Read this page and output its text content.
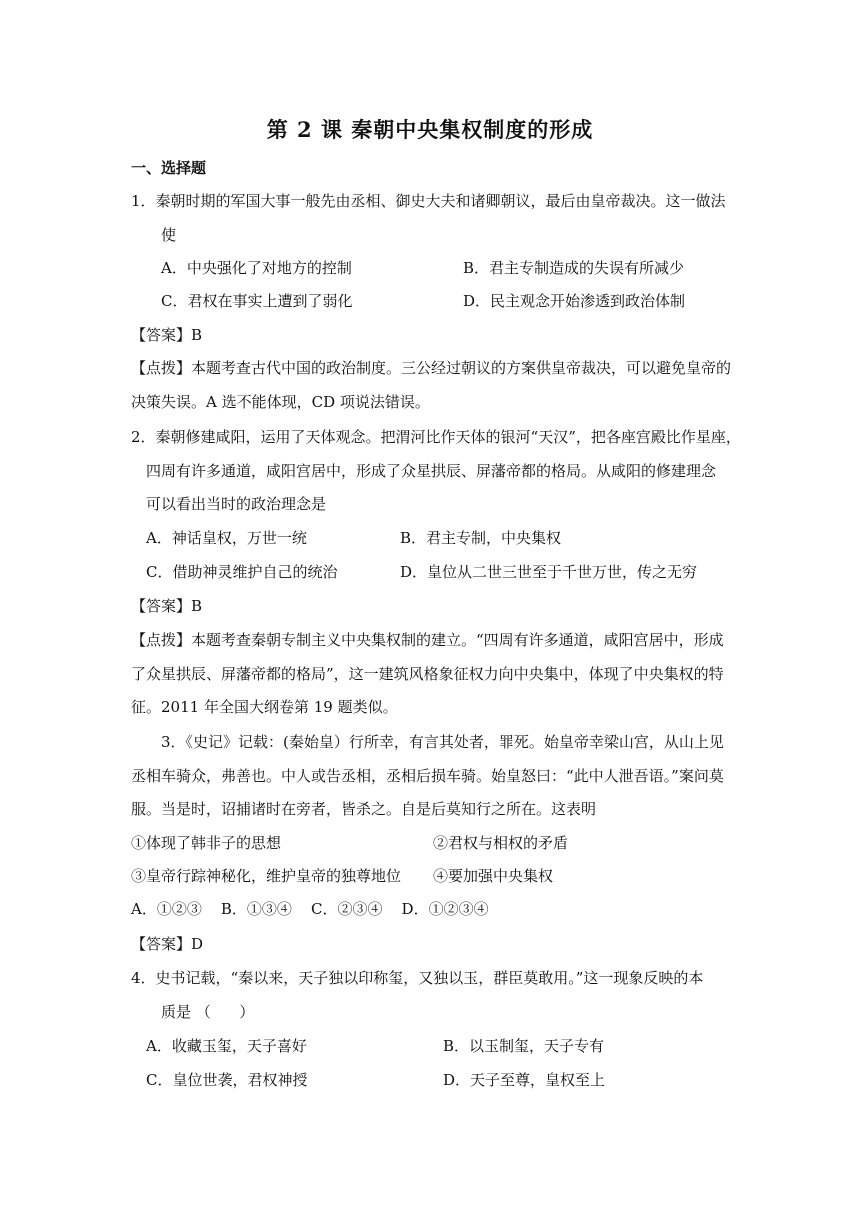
第 2 课 秦朝中央集权制度的形成
一、选择题
1．秦朝时期的军国大事一般先由丞相、御史大夫和诸卿朝议，最后由皇帝裁决。这一做法
使
A．中央强化了对地方的控制	B．君主专制造成的失误有所减少
C．君权在事实上遭到了弱化	D．民主观念开始渗透到政治体制
【答案】B
【点拨】本题考查古代中国的政治制度。三公经过朝议的方案供皇帝裁决，可以避免皇帝的
决策失误。A 选不能体现，CD 项说法错误。
2．秦朝修建咸阳，运用了天体观念。把渭河比作天体的银河“天汉”，把各座宫殿比作星座，
四周有许多通道，咸阳宫居中，形成了众星拱辰、屏藩帝都的格局。从咸阳的修建理念
可以看出当时的政治理念是
A．神话皇权，万世一统	B．君主专制，中央集权
C．借助神灵维护自己的统治	D．皇位从二世三世至于千世万世，传之无穷
【答案】B
【点拨】本题考查秦朝专制主义中央集权制的建立。“四周有许多通道，咸阳宫居中，形成
了众星拱辰、屏藩帝都的格局”，这一建筑风格象征权力向中央集中，体现了中央集权的特
征。2011 年全国大纲卷第 19 题类似。
3．《史记》记载：(秦始皇）行所幸，有言其处者，罪死。始皇帝幸梁山宫，从山上见
丞相车骑众，弗善也。中人或告丞相，丞相后损车骑。始皇怒曰：“此中人泄吾语。”案问莫
服。当是时，诏捕诸时在旁者，皆杀之。自是后莫知行之所在。这表明
①体现了韩非子的思想	②君权与相权的矛盾
③皇帝行踪神秘化，维护皇帝的独尊地位 ④要加强中央集权
A．①②③    B．①③④    C．②③④    D．①②③④
【答案】D
4．史书记载，“秦以来，天子独以印称玺，又独以玉，群臣莫敢用。”这一现象反映的本
质是 （      ）
A．收藏玉玺，天子喜好	B．以玉制玺，天子专有
C．皇位世袭，君权神授	D．天子至尊，皇权至上
